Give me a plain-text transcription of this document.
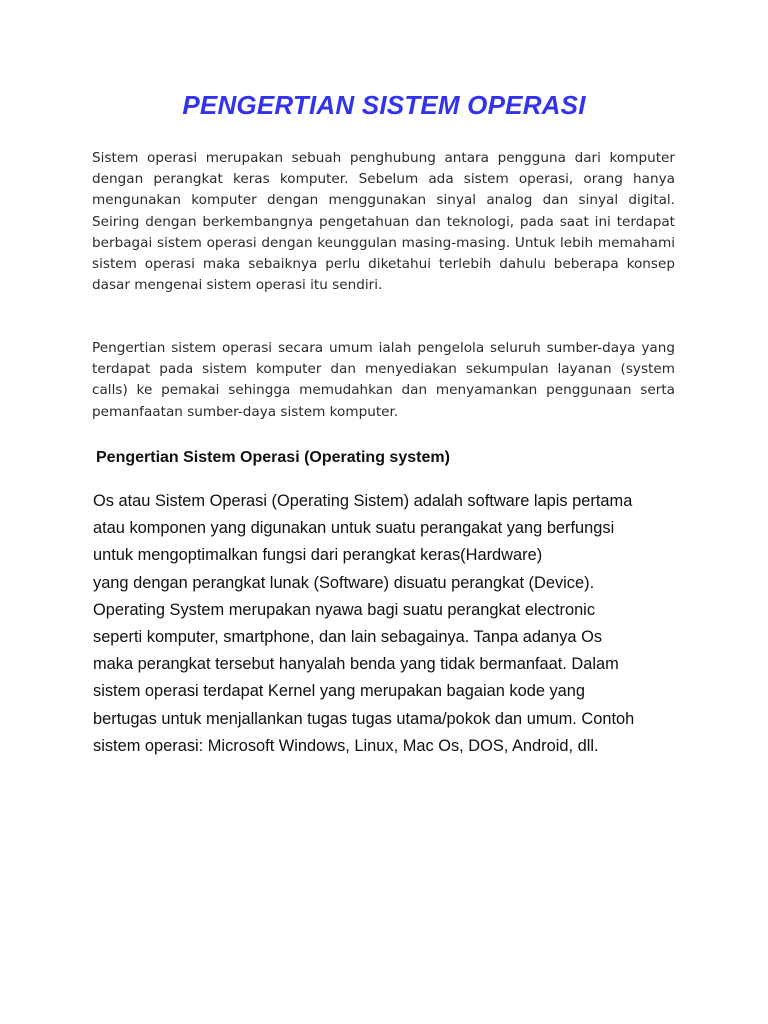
PENGERTIAN SISTEM OPERASI

Sistem operasi merupakan sebuah penghubung antara pengguna dari komputer dengan perangkat keras komputer. Sebelum ada sistem operasi, orang hanya mengunakan komputer dengan menggunakan sinyal analog dan sinyal digital. Seiring dengan berkembangnya pengetahuan dan teknologi, pada saat ini terdapat berbagai sistem operasi dengan keunggulan masing-masing. Untuk lebih memahami sistem operasi maka sebaiknya perlu diketahui terlebih dahulu beberapa konsep dasar mengenai sistem operasi itu sendiri.

Pengertian sistem operasi secara umum ialah pengelola seluruh sumber-daya yang terdapat pada sistem komputer dan menyediakan sekumpulan layanan (system calls) ke pemakai sehingga memudahkan dan menyamankan penggunaan serta pemanfaatan sumber-daya sistem komputer.

Pengertian Sistem Operasi (Operating system)

Os atau Sistem Operasi (Operating Sistem) adalah software lapis pertama
atau komponen yang digunakan untuk suatu perangakat yang berfungsi
untuk mengoptimalkan fungsi dari perangkat keras(Hardware)
yang dengan perangkat lunak (Software) disuatu perangkat (Device).
Operating System merupakan nyawa bagi suatu perangkat electronic
seperti komputer, smartphone, dan lain sebagainya. Tanpa adanya Os
maka perangkat tersebut hanyalah benda yang tidak bermanfaat. Dalam
sistem operasi terdapat Kernel yang merupakan bagaian kode yang
bertugas untuk menjallankan tugas tugas utama/pokok dan umum. Contoh
sistem operasi: Microsoft Windows, Linux, Mac Os, DOS, Android, dll.
